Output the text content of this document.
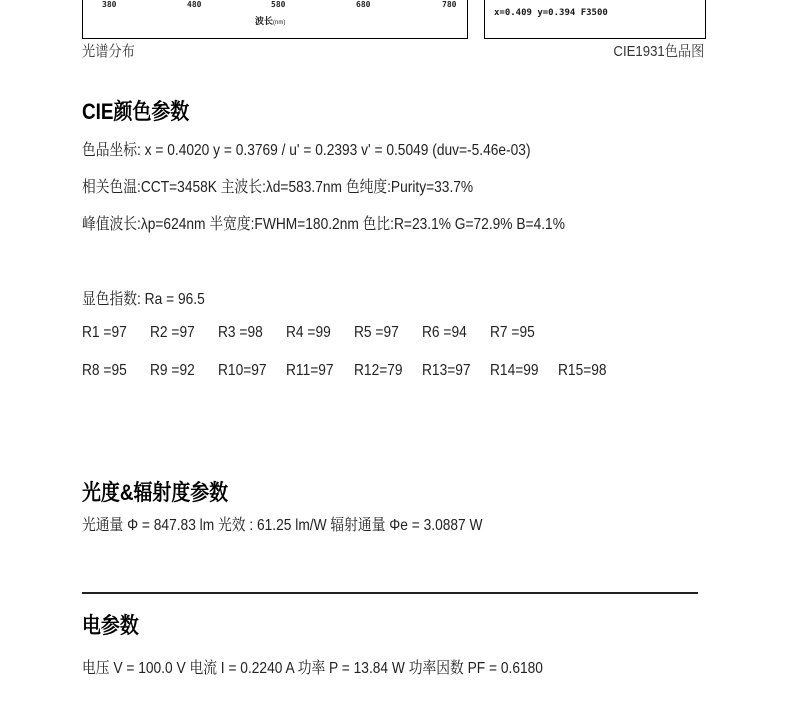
380	480	580	680	780
波长(nm)
x=0.409 y=0.394 F3500
光谱分布	CIE1931色品图
CIE颜色参数
色品坐标: x = 0.4020 y = 0.3769 / u' = 0.2393 v' = 0.5049 (duv=-5.46e-03)
相关色温:CCT=3458K 主波长:λd=583.7nm 色纯度:Purity=33.7%
峰值波长:λp=624nm 半宽度:FWHM=180.2nm 色比:R=23.1% G=72.9% B=4.1%
显色指数: Ra = 96.5
R1 =97 R2 =97 R3 =98 R4 =99 R5 =97 R6 =94 R7 =95
R8 =95 R9 =92 R10=97 R11=97 R12=79 R13=97 R14=99 R15=98
光度&辐射度参数
光通量 Φ = 847.83 lm 光效 : 61.25 lm/W 辐射通量 Φe = 3.0887 W
电参数
电压 V = 100.0 V 电流 I = 0.2240 A 功率 P = 13.84 W 功率因数 PF = 0.6180
